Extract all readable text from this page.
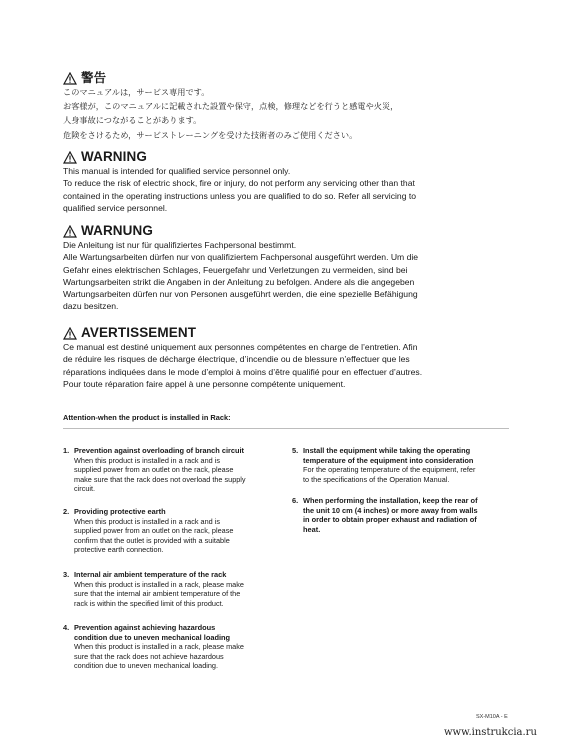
警告
このマニュアルは，サービス専用です。
お客様が，このマニュアルに記載された設置や保守，点検，修理などを行うと感電や火災，
人身事故につながることがあります。
危険をさけるため，サービストレーニングを受けた技術者のみご使用ください。
WARNING
This manual is intended for qualified service personnel only.
To reduce the risk of electric shock, fire or injury, do not perform any servicing other than that
contained in the operating instructions unless you are qualified to do so. Refer all servicing to
qualified service personnel.
WARNUNG
Die Anleitung ist nur für qualifiziertes Fachpersonal bestimmt.
Alle Wartungsarbeiten dürfen nur von qualifiziertem Fachpersonal ausgeführt werden. Um die
Gefahr eines elektrischen Schlages, Feuergefahr und Verletzungen zu vermeiden, sind bei
Wartungsarbeiten strikt die Angaben in der Anleitung zu befolgen. Andere als die angegeben
Wartungsarbeiten dürfen nur von Personen ausgeführt werden, die eine spezielle Befähigung
dazu besitzen.
AVERTISSEMENT
Ce manual est destiné uniquement aux personnes compétentes en charge de l’entretien. Afin
de réduire les risques de décharge électrique, d’incendie ou de blessure n’effectuer que les
réparations indiquées dans le mode d’emploi à moins d’être qualifié pour en effectuer d’autres.
Pour toute réparation faire appel à une personne compétente uniquement.
Attention-when the product is installed in Rack:
1. Prevention against overloading of branch circuit
When this product is installed in a rack and is
supplied power from an outlet on the rack, please
make sure that the rack does not overload the supply
circuit.
2. Providing protective earth
When this product is installed in a rack and is
supplied power from an outlet on the rack, please
confirm that the outlet is provided with a suitable
protective earth connection.
3. Internal air ambient temperature of the rack
When this product is installed in a rack, please make
sure that the internal air ambient temperature of the
rack is within the specified limit of this product.
4. Prevention against achieving hazardous
condition due to uneven mechanical loading
When this product is installed in a rack, please make
sure that the rack does not achieve hazardous
condition due to uneven mechanical loading.
5. Install the equipment while taking the operating
temperature of the equipment into consideration
For the operating temperature of the equipment, refer
to the specifications of the Operation Manual.
6. When performing the installation, keep the rear of
the unit 10 cm (4 inches) or more away from walls
in order to obtain proper exhaust and radiation of
heat.
SX-M10A - E
www.instrukcia.ru
